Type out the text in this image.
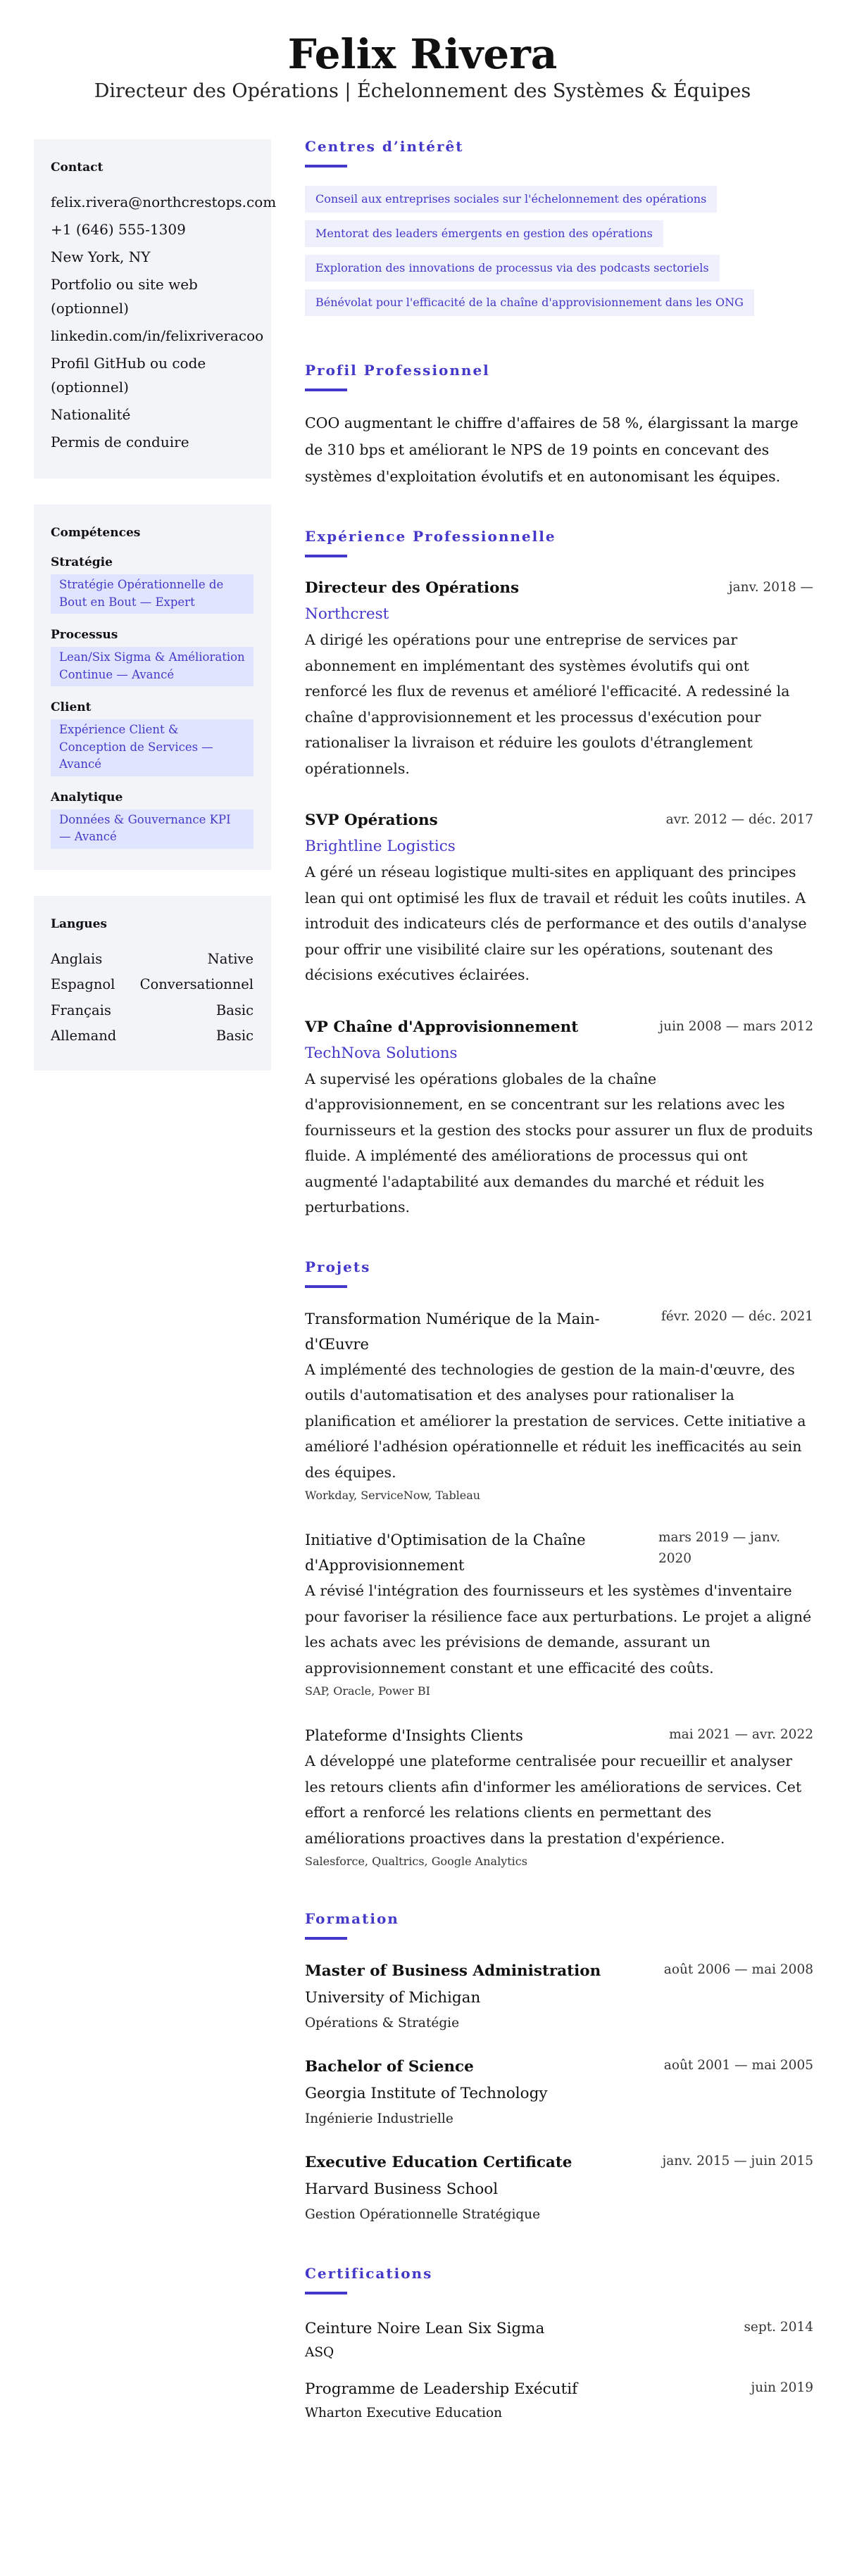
Felix Rivera
Directeur des Opérations | Échelonnement des Systèmes & Équipes
Contact
felix.rivera@northcrestops.com
+1 (646) 555-1309
New York, NY
Portfolio ou site web (optionnel)
linkedin.com/in/felixriveracoo
Profil GitHub ou code (optionnel)
Nationalité
Permis de conduire
Compétences
Stratégie
Stratégie Opérationnelle de Bout en Bout — Expert
Processus
Lean/Six Sigma & Amélioration Continue — Avancé
Client
Expérience Client & Conception de Services — Avancé
Analytique
Données & Gouvernance KPI — Avancé
Langues
Anglais	Native
Espagnol Conversationnel
Français	Basic
Allemand	Basic
Centres d’intérêt
Conseil aux entreprises sociales sur l'échelonnement des opérations
Mentorat des leaders émergents en gestion des opérations
Exploration des innovations de processus via des podcasts sectoriels
Bénévolat pour l'efficacité de la chaîne d'approvisionnement dans les ONG
Profil Professionnel

COO augmentant le chiffre d'affaires de 58 %, élargissant la marge de 310 bps et améliorant le NPS de 19 points en concevant des systèmes d'exploitation évolutifs et en autonomisant les équipes.

Expérience Professionnelle
Directeur des Opérations	janv. 2018 —
Northcrest

A dirigé les opérations pour une entreprise de services par abonnement en implémentant des systèmes évolutifs qui ont renforcé les flux de revenus et amélioré l'efficacité. A redessiné la chaîne d'approvisionnement et les processus d'exécution pour rationaliser la livraison et réduire les goulots d'étranglement opérationnels.

SVP Opérations	avr. 2012 — déc. 2017
Brightline Logistics

A géré un réseau logistique multi-sites en appliquant des principes lean qui ont optimisé les flux de travail et réduit les coûts inutiles. A introduit des indicateurs clés de performance et des outils d'analyse pour offrir une visibilité claire sur les opérations, soutenant des décisions exécutives éclairées.

VP Chaîne d'Approvisionnement	juin 2008 — mars 2012
TechNova Solutions

A supervisé les opérations globales de la chaîne d'approvisionnement, en se concentrant sur les relations avec les fournisseurs et la gestion des stocks pour assurer un flux de produits fluide. A implémenté des améliorations de processus qui ont augmenté l'adaptabilité aux demandes du marché et réduit les perturbations.

Projets
Transformation Numérique de la Main-d'Œuvre
févr. 2020 — déc. 2021

A implémenté des technologies de gestion de la main-d'œuvre, des outils d'automatisation et des analyses pour rationaliser la planification et améliorer la prestation de services. Cette initiative a amélioré l'adhésion opérationnelle et réduit les inefficacités au sein des équipes.

Workday, ServiceNow, Tableau
Initiative d'Optimisation de la Chaîne d'Approvisionnement
mars 2019 — janv. 2020

A révisé l'intégration des fournisseurs et les systèmes d'inventaire pour favoriser la résilience face aux perturbations. Le projet a aligné les achats avec les prévisions de demande, assurant un approvisionnement constant et une efficacité des coûts.

SAP, Oracle, Power BI
Plateforme d'Insights Clients	mai 2021 — avr. 2022

A développé une plateforme centralisée pour recueillir et analyser les retours clients afin d'informer les améliorations de services. Cet effort a renforcé les relations clients en permettant des améliorations proactives dans la prestation d'expérience.

Salesforce, Qualtrics, Google Analytics
Formation
Master of Business Administration	août 2006 — mai 2008
University of Michigan
Opérations & Stratégie
Bachelor of Science	août 2001 — mai 2005
Georgia Institute of Technology
Ingénierie Industrielle
Executive Education Certificate	janv. 2015 — juin 2015
Harvard Business School
Gestion Opérationnelle Stratégique
Certifications
Ceinture Noire Lean Six Sigma	sept. 2014
ASQ
Programme de Leadership Exécutif	juin 2019
Wharton Executive Education
